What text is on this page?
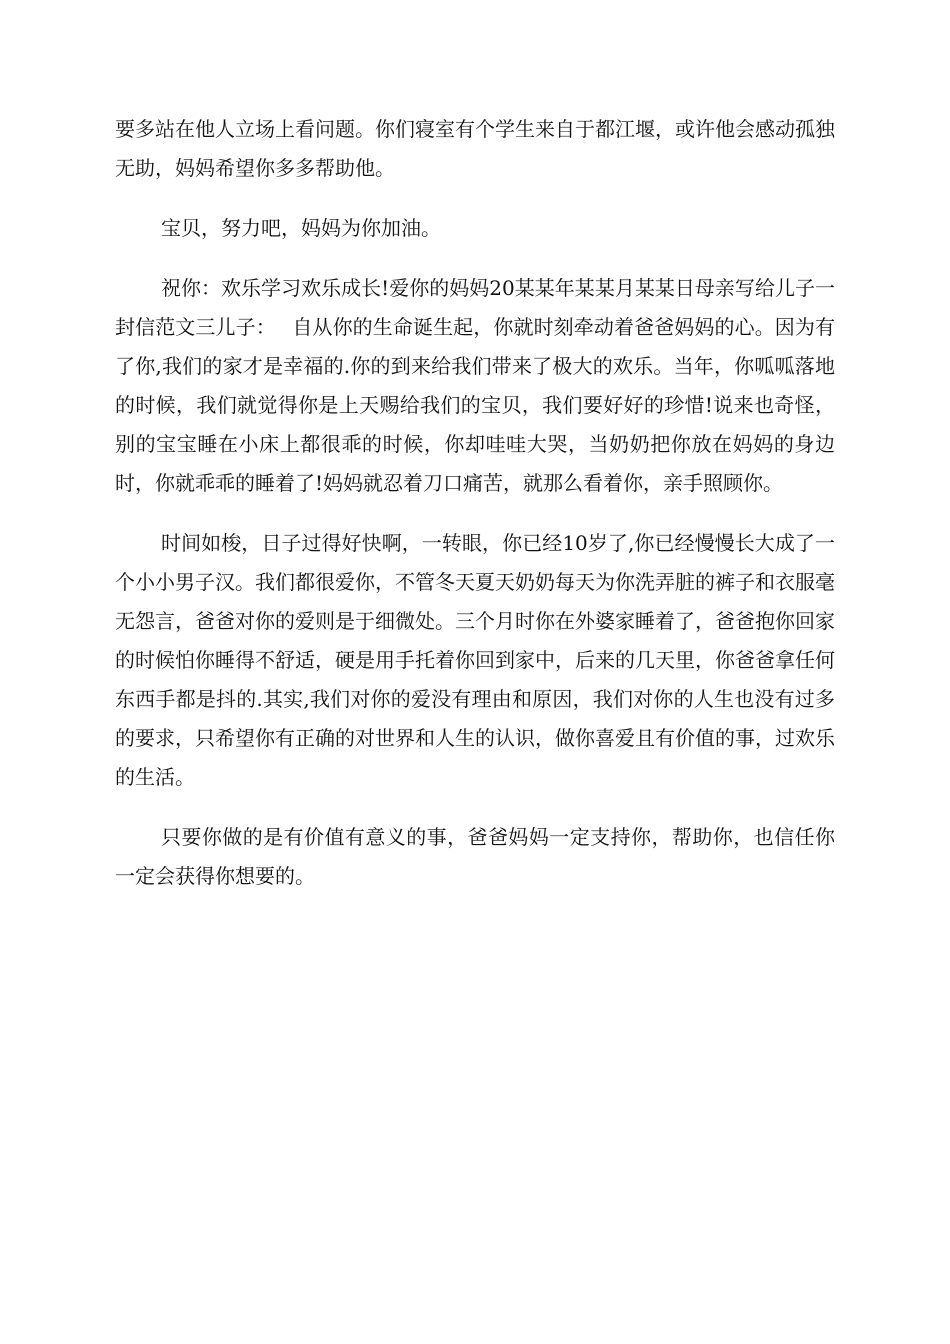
要多站在他人立场上看问题。你们寝室有个学生来自于都江堰，或许他会感动孤独无助，妈妈希望你多多帮助他。

宝贝，努力吧，妈妈为你加油。

祝你：欢乐学习欢乐成长!爱你的妈妈20某某年某某月某某日母亲写给儿子一封信范文三儿子：　 自从你的生命诞生起，你就时刻牵动着爸爸妈妈的心。因为有了你,我们的家才是幸福的.你的到来给我们带来了极大的欢乐。当年，你呱呱落地的时候，我们就觉得你是上天赐给我们的宝贝，我们要好好的珍惜!说来也奇怪，别的宝宝睡在小床上都很乖的时候，你却哇哇大哭，当奶奶把你放在妈妈的身边时，你就乖乖的睡着了!妈妈就忍着刀口痛苦，就那么看着你，亲手照顾你。

时间如梭，日子过得好快啊，一转眼，你已经10岁了,你已经慢慢长大成了一个小小男子汉。我们都很爱你，不管冬天夏天奶奶每天为你洗弄脏的裤子和衣服毫无怨言，爸爸对你的爱则是于细微处。三个月时你在外婆家睡着了，爸爸抱你回家的时候怕你睡得不舒适，硬是用手托着你回到家中，后来的几天里，你爸爸拿任何东西手都是抖的.其实,我们对你的爱没有理由和原因，我们对你的人生也没有过多的要求，只希望你有正确的对世界和人生的认识，做你喜爱且有价值的事，过欢乐的生活。

只要你做的是有价值有意义的事，爸爸妈妈一定支持你，帮助你，也信任你一定会获得你想要的。
